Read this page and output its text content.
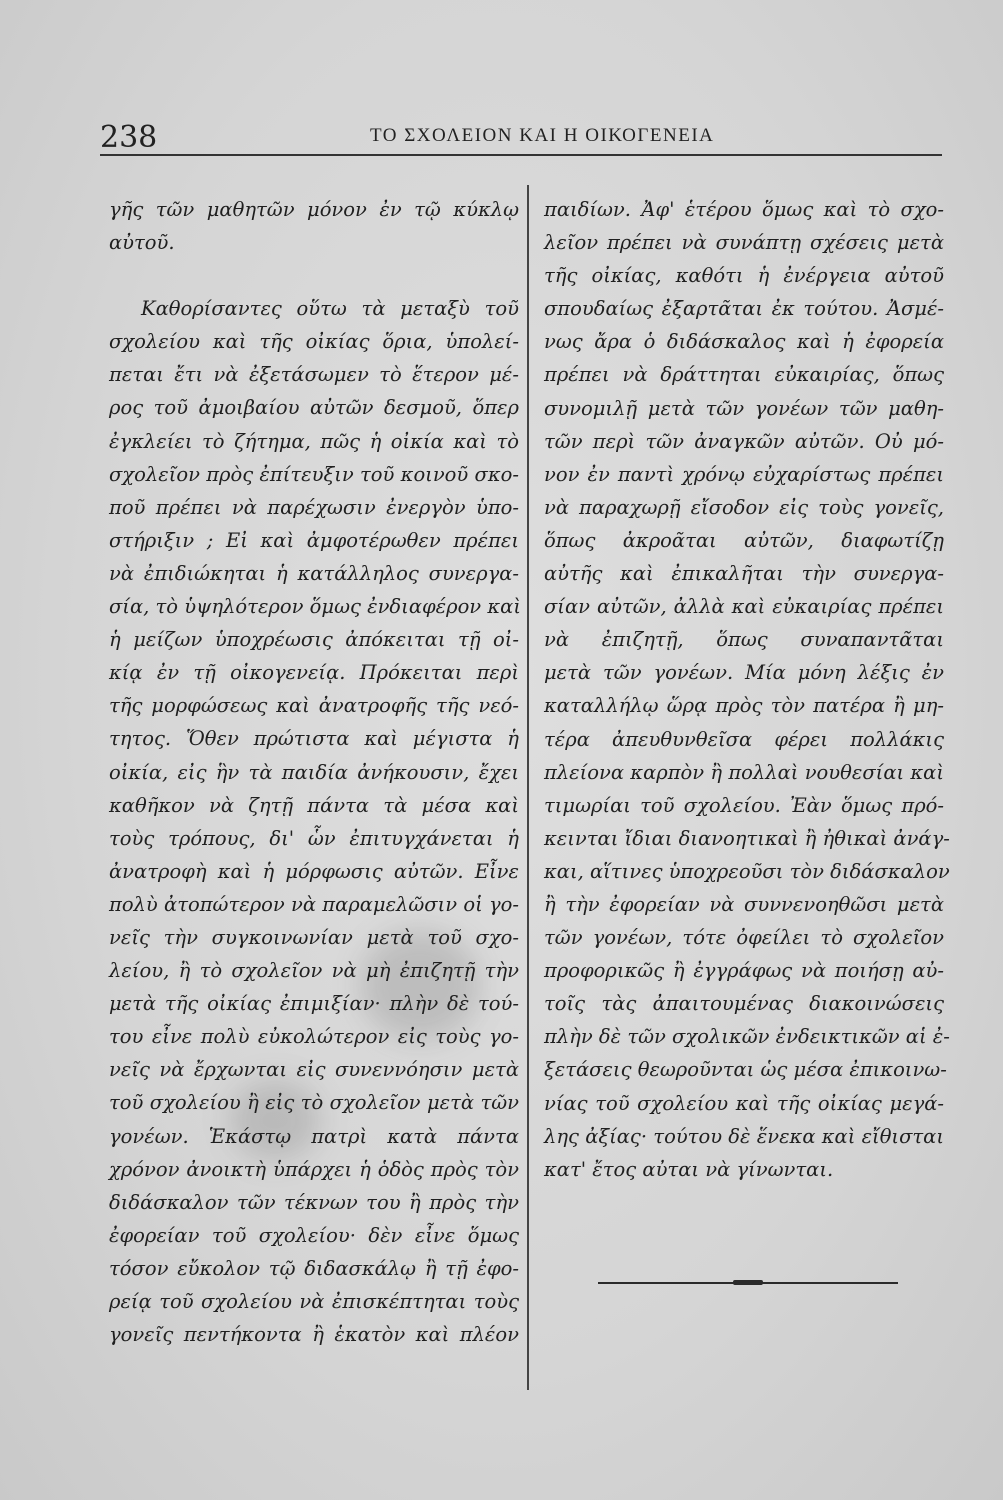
238	ΤΟ ΣΧΟΛΕΙΟΝ ΚΑΙ Η ΟΙΚΟΓΕΝΕΙΑ
γῆς τῶν μαθητῶν μόνον ἐν τῷ κύκλῳ
αὐτοῦ.
Καθορίσαντες οὕτω τὰ μεταξὺ τοῦ
σχολείου καὶ τῆς οἰκίας ὅρια, ὑπολεί-
πεται ἔτι νὰ ἐξετάσωμεν τὸ ἕτερον μέ-
ρος τοῦ ἀμοιβαίου αὐτῶν δεσμοῦ, ὅπερ
ἐγκλείει τὸ ζήτημα, πῶς ἡ οἰκία καὶ τὸ
σχολεῖον πρὸς ἐπίτευξιν τοῦ κοινοῦ σκο-
ποῦ πρέπει νὰ παρέχωσιν ἐνεργὸν ὑπο-
στήριξιν ; Εἰ καὶ ἀμφοτέρωθεν πρέπει
νὰ ἐπιδιώκηται ἡ κατάλληλος συνεργα-
σία, τὸ ὑψηλότερον ὅμως ἐνδιαφέρον καὶ
ἡ μείζων ὑποχρέωσις ἀπόκειται τῇ οἰ-
κίᾳ ἐν τῇ οἰκογενείᾳ. Πρόκειται περὶ
τῆς μορφώσεως καὶ ἀνατροφῆς τῆς νεό-
τητος. Ὅθεν πρώτιστα καὶ μέγιστα ἡ
οἰκία, εἰς ἣν τὰ παιδία ἀνήκουσιν, ἔχει
καθῆκον νὰ ζητῇ πάντα τὰ μέσα καὶ
τοὺς τρόπους, δι' ὧν ἐπιτυγχάνεται ἡ
ἀνατροφὴ καὶ ἡ μόρφωσις αὐτῶν. Εἶνε
πολὺ ἀτοπώτερον νὰ παραμελῶσιν οἱ γο-
νεῖς τὴν συγκοινωνίαν μετὰ τοῦ σχο-
λείου, ἢ τὸ σχολεῖον νὰ μὴ ἐπιζητῇ τὴν
μετὰ τῆς οἰκίας ἐπιμιξίαν· πλὴν δὲ τού-
του εἶνε πολὺ εὐκολώτερον εἰς τοὺς γο-
νεῖς νὰ ἔρχωνται εἰς συνεννόησιν μετὰ
τοῦ σχολείου ἢ εἰς τὸ σχολεῖον μετὰ τῶν
γονέων. Ἑκάστῳ πατρὶ κατὰ πάντα
χρόνον ἀνοικτὴ ὑπάρχει ἡ ὁδὸς πρὸς τὸν
διδάσκαλον τῶν τέκνων του ἢ πρὸς τὴν
ἐφορείαν τοῦ σχολείου· δὲν εἶνε ὅμως
τόσον εὔκολον τῷ διδασκάλῳ ἢ τῇ ἐφο-
ρείᾳ τοῦ σχολείου νὰ ἐπισκέπτηται τοὺς
γονεῖς πεντήκοντα ἢ ἑκατὸν καὶ πλέον
παιδίων. Ἀφ' ἑτέρου ὅμως καὶ τὸ σχο-
λεῖον πρέπει νὰ συνάπτῃ σχέσεις μετὰ
τῆς οἰκίας, καθότι ἡ ἐνέργεια αὐτοῦ
σπουδαίως ἐξαρτᾶται ἐκ τούτου. Ἀσμέ-
νως ἄρα ὁ διδάσκαλος καὶ ἡ ἐφορεία
πρέπει νὰ δράττηται εὐκαιρίας, ὅπως
συνομιλῇ μετὰ τῶν γονέων τῶν μαθη-
τῶν περὶ τῶν ἀναγκῶν αὐτῶν. Οὐ μό-
νον ἐν παντὶ χρόνῳ εὐχαρίστως πρέπει
νὰ παραχωρῇ εἴσοδον εἰς τοὺς γονεῖς,
ὅπως ἀκροᾶται αὐτῶν, διαφωτίζῃ
αὐτῆς καὶ ἐπικαλῆται τὴν συνεργα-
σίαν αὐτῶν, ἀλλὰ καὶ εὐκαιρίας πρέπει
νὰ ἐπιζητῇ, ὅπως συναπαντᾶται
μετὰ τῶν γονέων. Μία μόνη λέξις ἐν
καταλλήλῳ ὥρᾳ πρὸς τὸν πατέρα ἢ μη-
τέρα ἀπευθυνθεῖσα φέρει πολλάκις
πλείονα καρπὸν ἢ πολλαὶ νουθεσίαι καὶ
τιμωρίαι τοῦ σχολείου. Ἐὰν ὅμως πρό-
κεινται ἴδιαι διανοητικαὶ ἢ ἠθικαὶ ἀνάγ-
και, αἵτινες ὑποχρεοῦσι τὸν διδάσκαλον
ἢ τὴν ἐφορείαν νὰ συννενοηθῶσι μετὰ
τῶν γονέων, τότε ὀφείλει τὸ σχολεῖον
προφορικῶς ἢ ἐγγράφως νὰ ποιήσῃ αὐ-
τοῖς τὰς ἀπαιτουμένας διακοινώσεις
πλὴν δὲ τῶν σχολικῶν ἐνδεικτικῶν αἱ ἐ-
ξετάσεις θεωροῦνται ὡς μέσα ἐπικοινω-
νίας τοῦ σχολείου καὶ τῆς οἰκίας μεγά-
λης ἀξίας· τούτου δὲ ἕνεκα καὶ εἴθισται
κατ' ἔτος αὐται νὰ γίνωνται.
